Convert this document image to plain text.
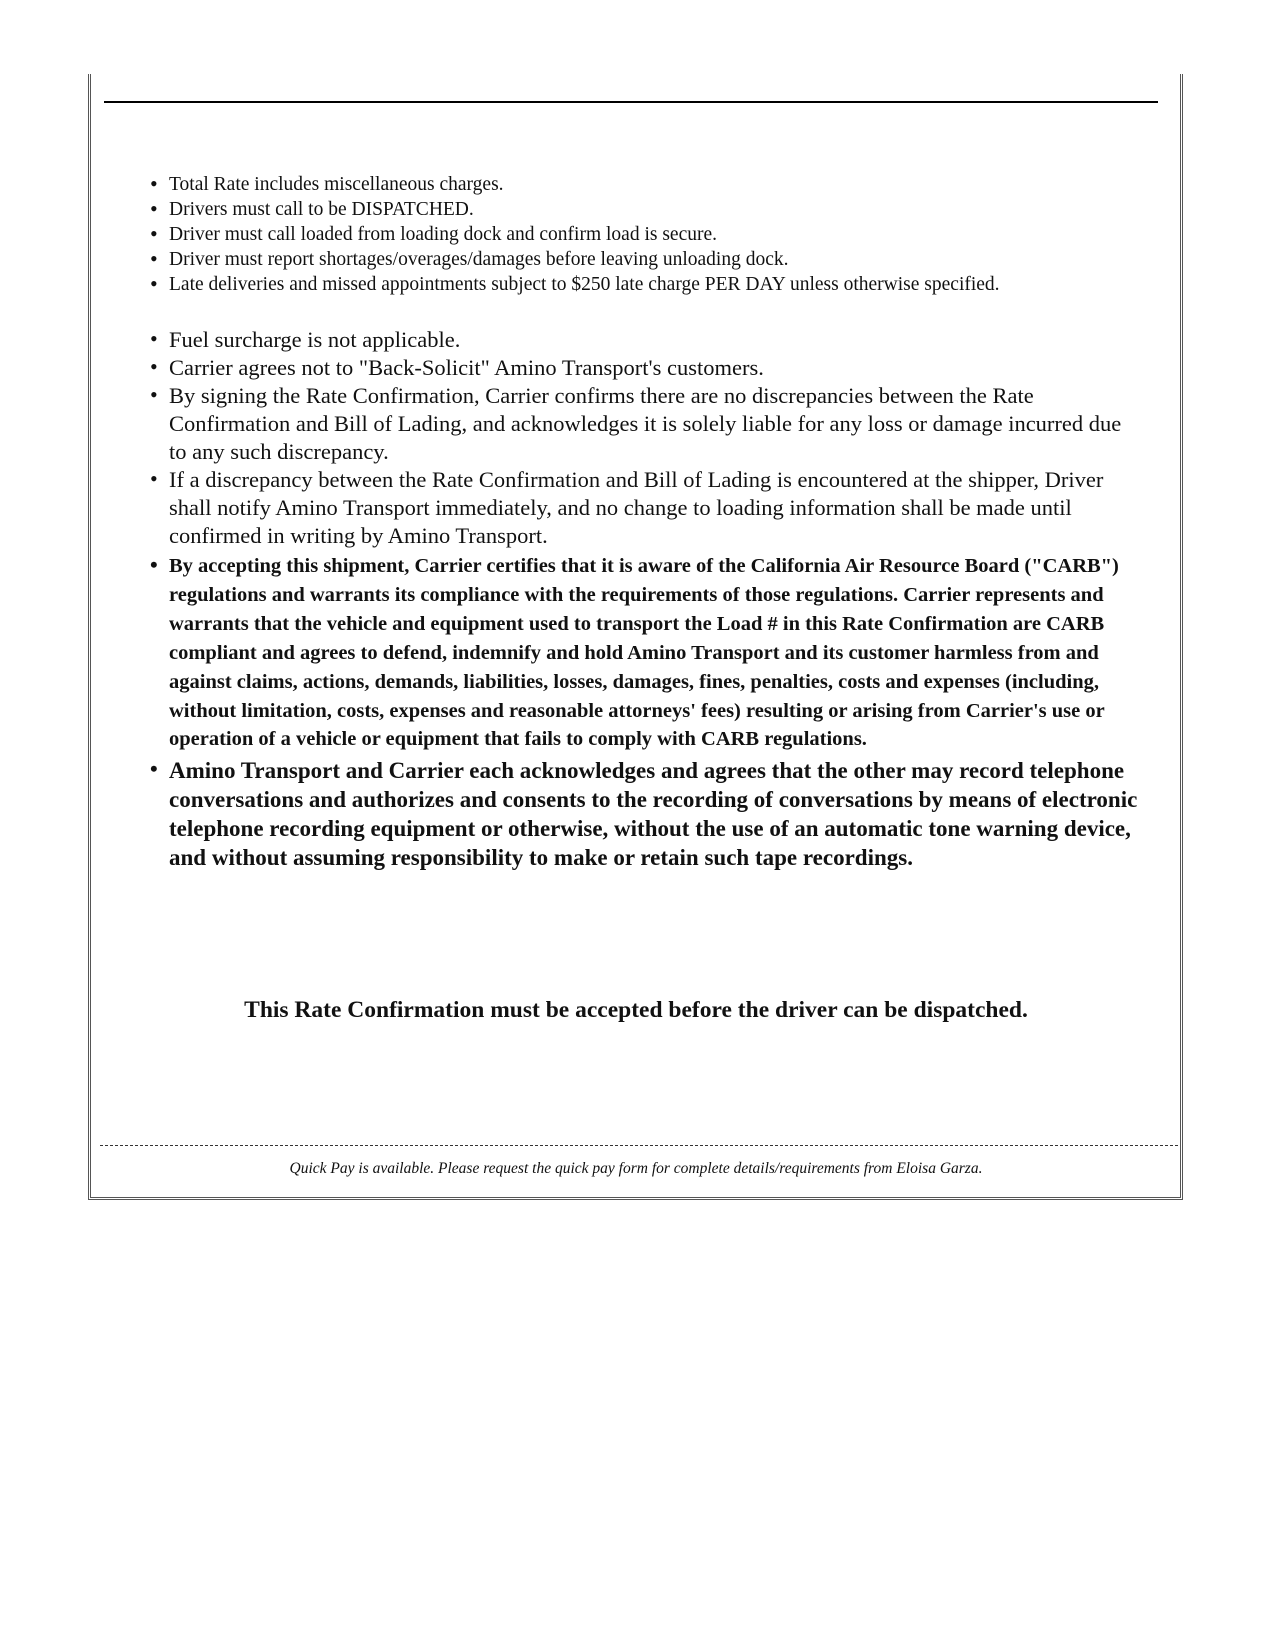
• Total Rate includes miscellaneous charges.
• Drivers must call to be DISPATCHED.
• Driver must call loaded from loading dock and confirm load is secure.
• Driver must report shortages/overages/damages before leaving unloading dock.
• Late deliveries and missed appointments subject to $250 late charge PER DAY unless otherwise specified.
• Fuel surcharge is not applicable.
• Carrier agrees not to "Back-Solicit" Amino Transport's customers.
• By signing the Rate Confirmation, Carrier confirms there are no discrepancies between the Rate Confirmation and Bill of Lading, and acknowledges it is solely liable for any loss or damage incurred due to any such discrepancy.
• If a discrepancy between the Rate Confirmation and Bill of Lading is encountered at the shipper, Driver shall notify Amino Transport immediately, and no change to loading information shall be made until confirmed in writing by Amino Transport.
• By accepting this shipment, Carrier certifies that it is aware of the California Air Resource Board ("CARB") regulations and warrants its compliance with the requirements of those regulations. Carrier represents and warrants that the vehicle and equipment used to transport the Load # in this Rate Confirmation are CARB compliant and agrees to defend, indemnify and hold Amino Transport and its customer harmless from and against claims, actions, demands, liabilities, losses, damages, fines, penalties, costs and expenses (including, without limitation, costs, expenses and reasonable attorneys' fees) resulting or arising from Carrier's use or operation of a vehicle or equipment that fails to comply with CARB regulations.
• Amino Transport and Carrier each acknowledges and agrees that the other may record telephone conversations and authorizes and consents to the recording of conversations by means of electronic telephone recording equipment or otherwise, without the use of an automatic tone warning device, and without assuming responsibility to make or retain such tape recordings.
This Rate Confirmation must be accepted before the driver can be dispatched.
Quick Pay is available. Please request the quick pay form for complete details/requirements from Eloisa Garza.
